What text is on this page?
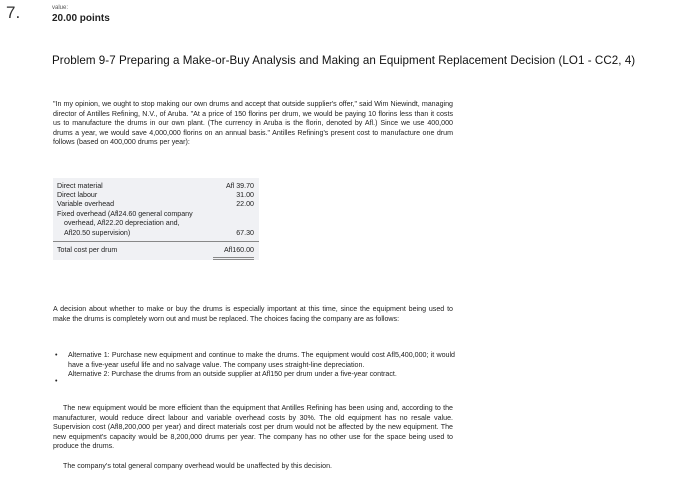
7.	value:
20.00 points
Problem 9-7 Preparing a Make-or-Buy Analysis and Making an Equipment Replacement Decision (LO1 - CC2, 4)

"In my opinion, we ought to stop making our own drums and accept that outside supplier's offer," said Wim Niewindt, managing director of Antilles Refining, N.V., of Aruba. "At a price of 150 florins per drum, we would be paying 10 florins less than it costs us to manufacture the drums in our own plant. (The currency in Aruba is the florin, denoted by Afl.) Since we use 400,000 drums a year, we would save 4,000,000 florins on an annual basis." Antilles Refining's present cost to manufacture one drum follows (based on 400,000 drums per year):

Direct material	Afl 39.70
Direct labour	31.00
Variable overhead	22.00
Fixed overhead (Afl24.60 general company
overhead, Afl22.20 depreciation and,
Afl20.50 supervision)	67.30
Total cost per drum	Afl160.00

A decision about whether to make or buy the drums is especially important at this time, since the equipment being used to make the drums is completely worn out and must be replaced. The choices facing the company are as follows:

• Alternative 1: Purchase new equipment and continue to make the drums. The equipment would cost Afl5,400,000; it would have a five-year useful life and no salvage value. The company uses straight-line depreciation.
•
Alternative 2: Purchase the drums from an outside supplier at Afl150 per drum under a five-year contract.

The new equipment would be more efficient than the equipment that Antilles Refining has been using and, according to the manufacturer, would reduce direct labour and variable overhead costs by 30%. The old equipment has no resale value. Supervision cost (Afl8,200,000 per year) and direct materials cost per drum would not be affected by the new equipment. The new equipment's capacity would be 8,200,000 drums per year. The company has no other use for the space being used to produce the drums.

The company's total general company overhead would be unaffected by this decision.
